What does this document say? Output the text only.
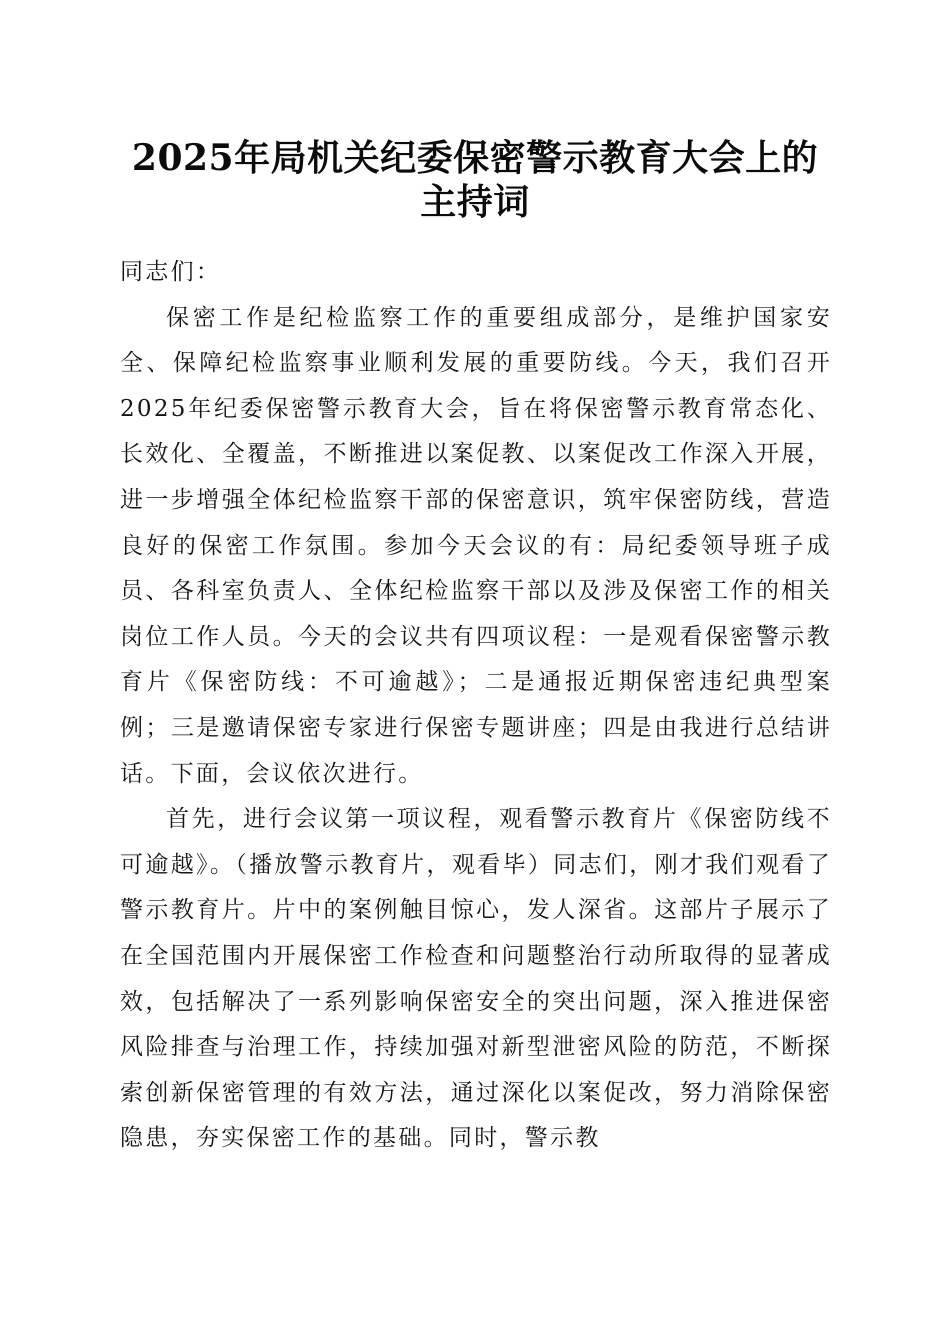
2025年局机关纪委保密警示教育大会上的主持词

同志们：

保密工作是纪检监察工作的重要组成部分，是维护国家安全、保障纪检监察事业顺利发展的重要防线。今天，我们召开2025年纪委保密警示教育大会，旨在将保密警示教育常态化、长效化、全覆盖，不断推进以案促教、以案促改工作深入开展，进一步增强全体纪检监察干部的保密意识，筑牢保密防线，营造良好的保密工作氛围。参加今天会议的有：局纪委领导班子成员、各科室负责人、全体纪检监察干部以及涉及保密工作的相关岗位工作人员。今天的会议共有四项议程：一是观看保密警示教育片《保密防线：不可逾越》；二是通报近期保密违纪典型案例；三是邀请保密专家进行保密专题讲座；四是由我进行总结讲话。下面，会议依次进行。

首先，进行会议第一项议程，观看警示教育片《保密防线不可逾越》。（播放警示教育片，观看毕）同志们，刚才我们观看了警示教育片。片中的案例触目惊心，发人深省。这部片子展示了在全国范围内开展保密工作检查和问题整治行动所取得的显著成效，包括解决了一系列影响保密安全的突出问题，深入推进保密风险排查与治理工作，持续加强对新型泄密风险的防范，不断探索创新保密管理的有效方法，通过深化以案促改，努力消除保密隐患，夯实保密工作的基础。同时，警示教
